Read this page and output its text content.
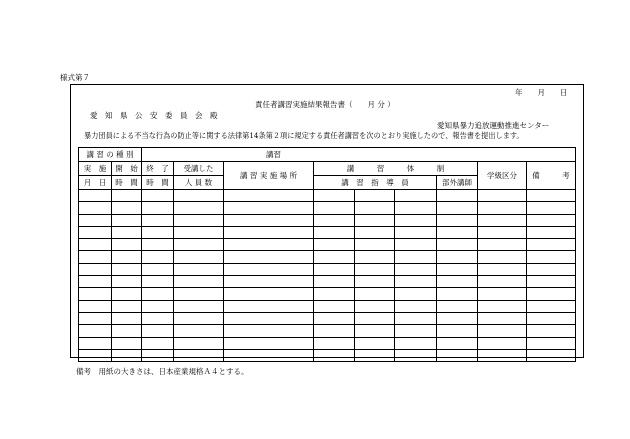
様式第７
年　　月　　日
責任者講習実施結果報告書（　　月 分 ）
愛　知　県　公　安　委　員　会　殿
愛知県暴力追放運動推進センター
暴力団員による不当な行為の防止等に関する法律第14条第２項に規定する責任者講習を次のとおり実施したので、報告書を提出します。
講 習 の 種 別		講習								
実　施	開　始	終　了	受講した	講 習 実 施 場 所	講　　　習　　　体　　　制				学級区分	備　　　考
月　日	時　間	時　間	人 員 数		講　習　指　導　員			部外講師		

備考　用紙の大きさは、日本産業規格Ａ４とする。
